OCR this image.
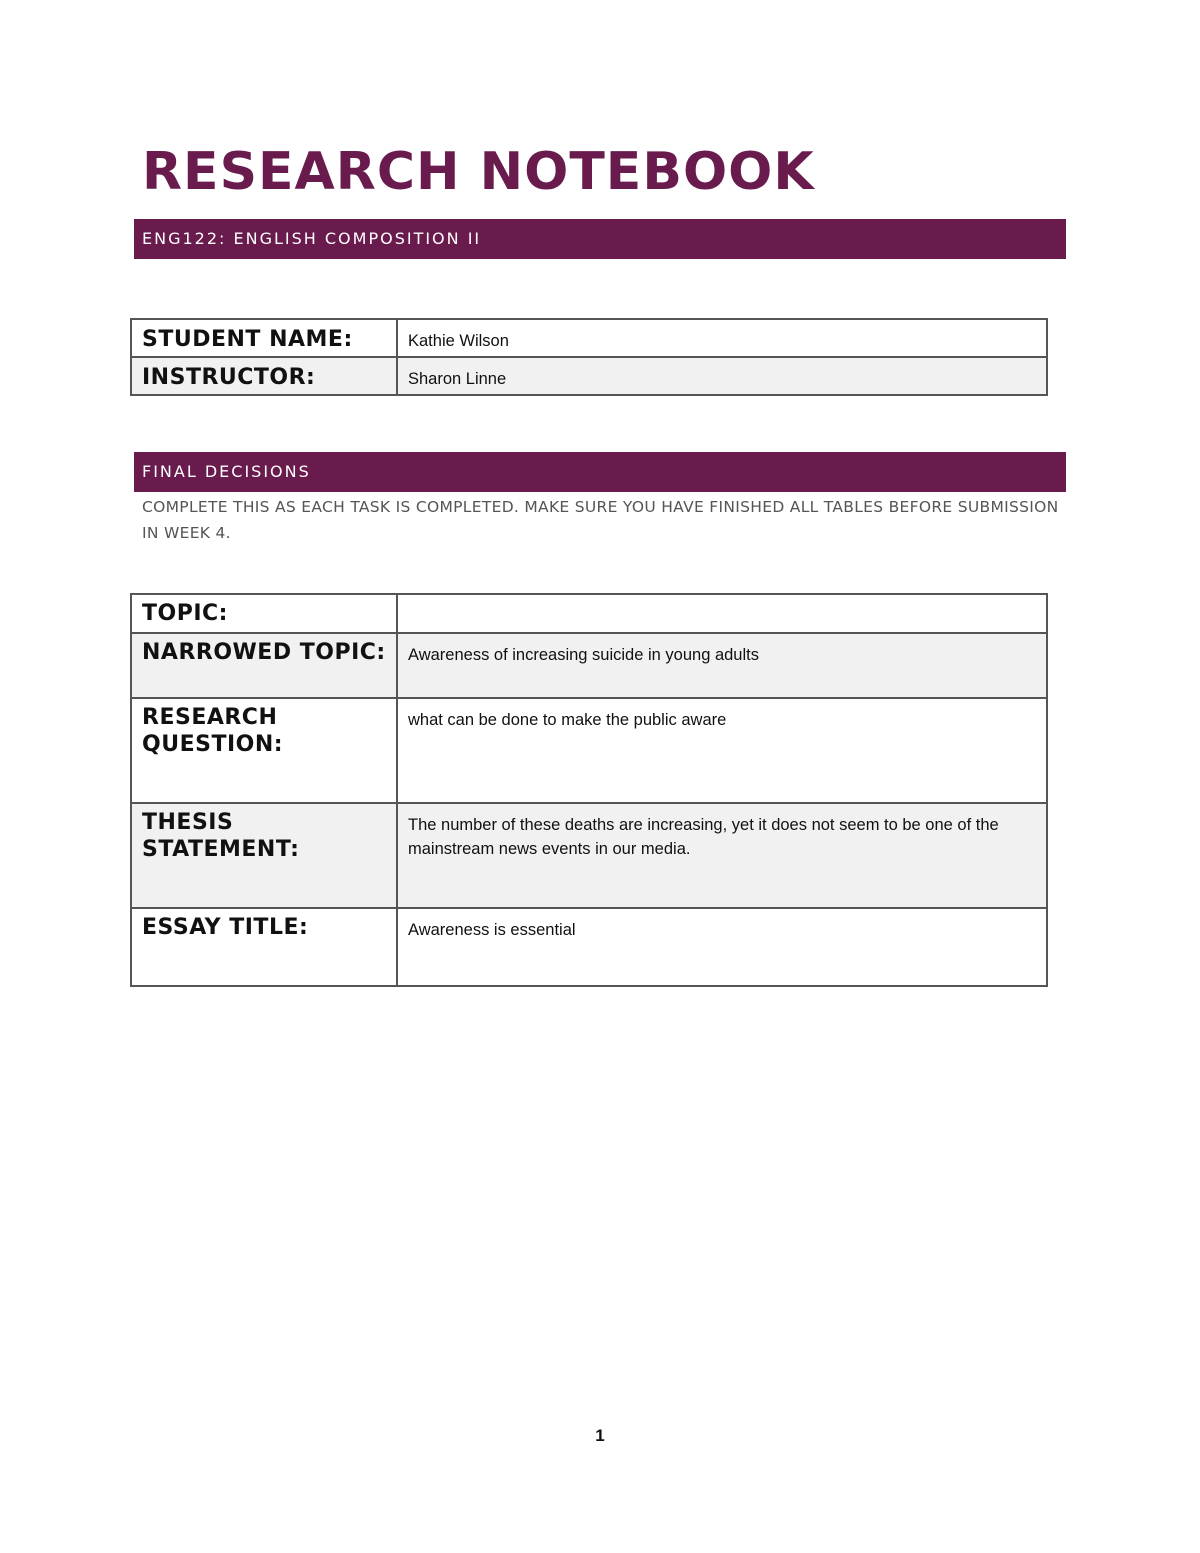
RESEARCH NOTEBOOK
ENG122: ENGLISH COMPOSITION II
STUDENT NAME:	Kathie Wilson
INSTRUCTOR:	Sharon Linne
FINAL DECISIONS

COMPLETE THIS AS EACH TASK IS COMPLETED. MAKE SURE YOU HAVE FINISHED ALL TABLES BEFORE SUBMISSION IN WEEK 4.

TOPIC:	
NARROWED TOPIC:	Awareness of increasing suicide in young adults
RESEARCH QUESTION:	what can be done to make the public aware
THESIS STATEMENT:	The number of these deaths are increasing, yet it does not seem to be one of the mainstream news events in our media.
ESSAY TITLE:	Awareness is essential
1
